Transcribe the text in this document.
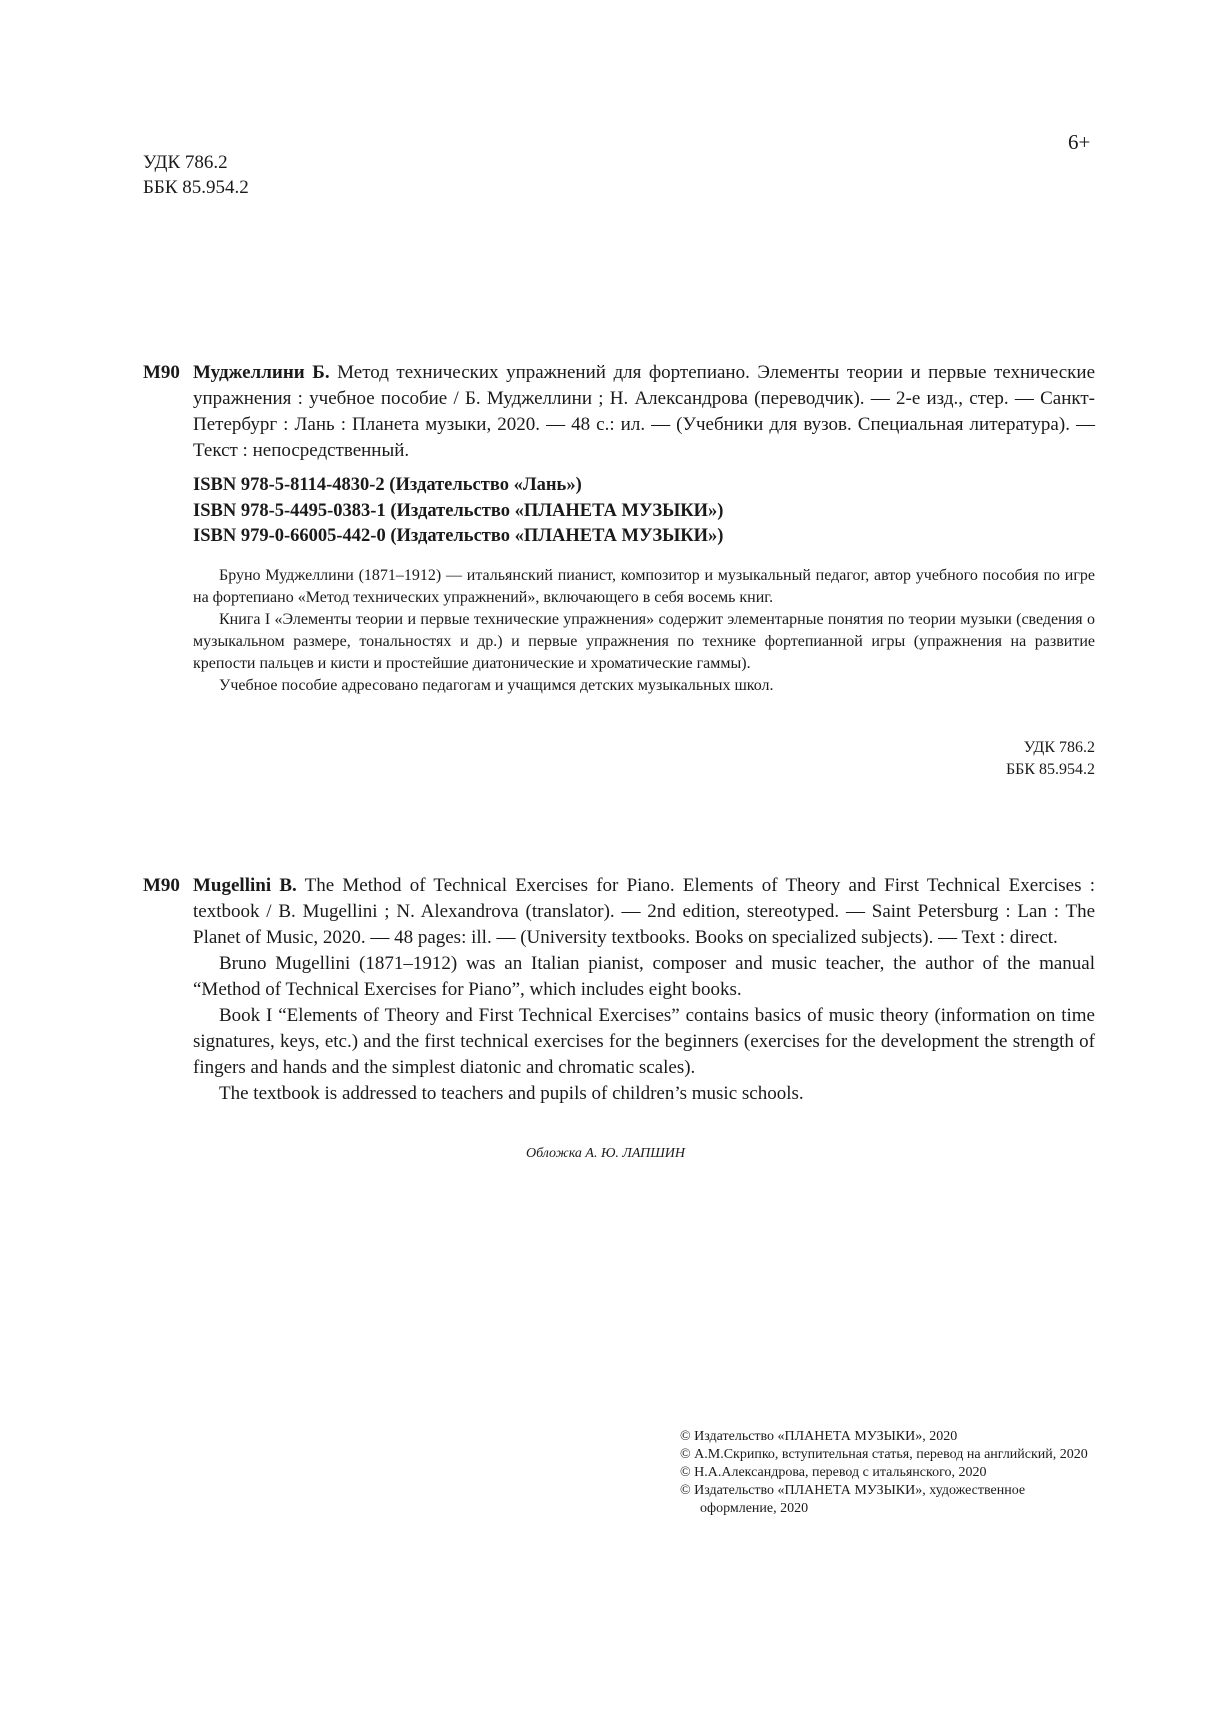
УДК 786.2
ББК 85.954.2
6+
М90 Муджеллини Б. Метод технических упражнений для фортепиано. Элементы теории и первые технические упражнения : учебное пособие / Б. Муджеллини ; Н. Александрова (переводчик). — 2-е изд., стер. — Санкт-Петербург : Лань : Планета музыки, 2020. — 48 с.: ил. — (Учебники для вузов. Специальная литература). — Текст : непосредственный.
ISBN 978-5-8114-4830-2 (Издательство «Лань»)
ISBN 978-5-4495-0383-1 (Издательство «ПЛАНЕТА МУЗЫКИ»)
ISBN 979-0-66005-442-0 (Издательство «ПЛАНЕТА МУЗЫКИ»)

Бруно Муджеллини (1871–1912) — итальянский пианист, композитор и музыкальный педагог, автор учебного пособия по игре на фортепиано «Метод технических упражнений», включающего в себя восемь книг.

Книга I «Элементы теории и первые технические упражнения» содержит элементарные понятия по теории музыки (сведения о музыкальном размере, тональностях и др.) и первые упражнения по технике фортепианной игры (упражнения на развитие крепости пальцев и кисти и простейшие диатонические и хроматические гаммы).

Учебное пособие адресовано педагогам и учащимся детских музыкальных школ.

УДК 786.2
ББК 85.954.2
М90 Mugellini B. The Method of Technical Exercises for Piano. Elements of Theory and First Technical Exercises : textbook / B. Mugellini ; N. Alexandrova (translator). — 2nd edition, stereotyped. — Saint Petersburg : Lan : The Planet of Music, 2020. — 48 pages: ill. — (University textbooks. Books on specialized subjects). — Text : direct.

Bruno Mugellini (1871–1912) was an Italian pianist, composer and music teacher, the author of the manual “Method of Technical Exercises for Piano”, which includes eight books.

Book I “Elements of Theory and First Technical Exercises” contains basics of music theory (information on time signatures, keys, etc.) and the first technical exercises for the beginners (exercises for the development the strength of fingers and hands and the simplest diatonic and chromatic scales).

The textbook is addressed to teachers and pupils of children’s music schools.

Обложка А. Ю. ЛАПШИН
© Издательство «ПЛАНЕТА МУЗЫКИ», 2020
© А.М.Скрипко, вступительная статья, перевод на английский, 2020
© Н.А.Александрова, перевод с итальянского, 2020
© Издательство «ПЛАНЕТА МУЗЫКИ», художественное оформление, 2020
